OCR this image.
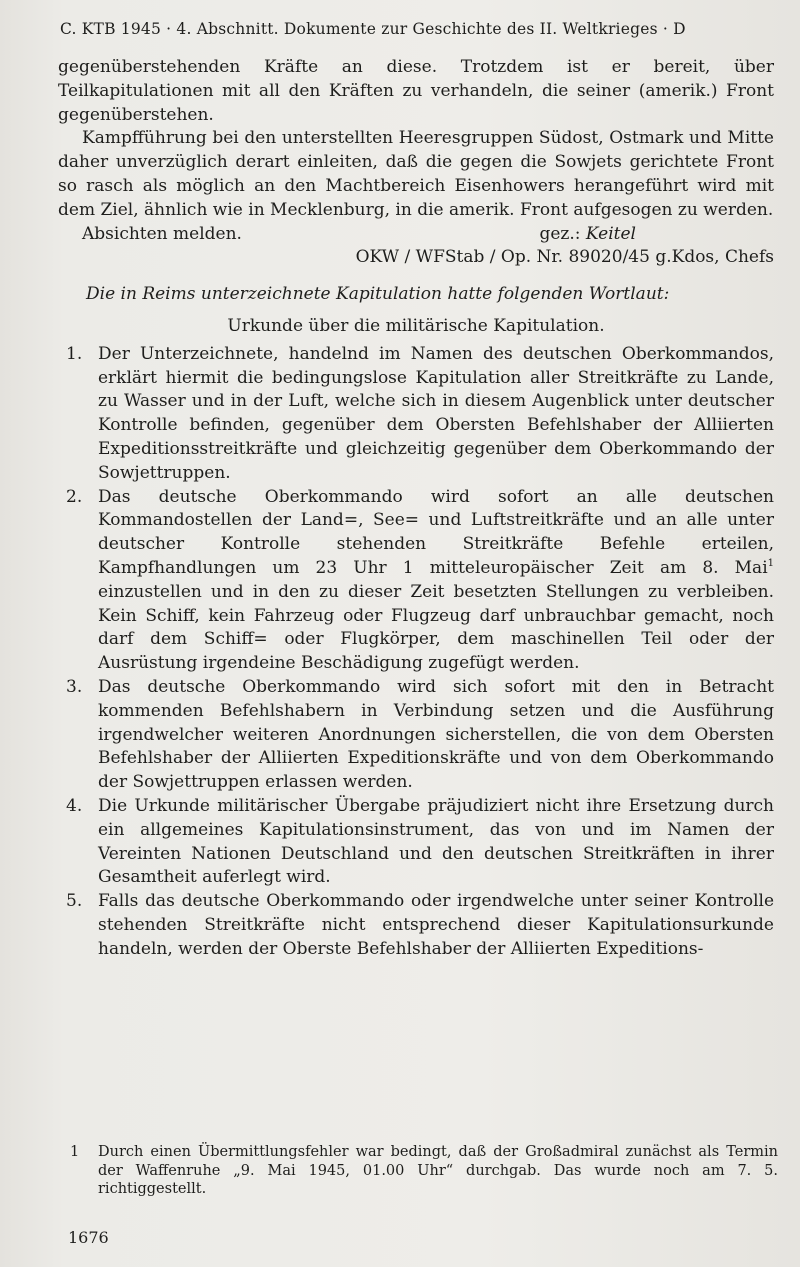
C. KTB 1945 · 4. Abschnitt. Dokumente zur Geschichte des II. Weltkrieges · D

gegenüberstehenden Kräfte an diese. Trotzdem ist er bereit, über Teilkapitulationen mit all den Kräften zu verhandeln, die seiner (amerik.) Front gegenüberstehen.

Kampfführung bei den unterstellten Heeresgruppen Südost, Ostmark und Mitte daher unverzüglich derart einleiten, daß die gegen die Sowjets gerichtete Front so rasch als möglich an den Machtbereich Eisenhowers herangeführt wird mit dem Ziel, ähnlich wie in Mecklenburg, in die amerik. Front aufgesogen zu werden.

Absichten melden.	gez.: Keitel
OKW / WFStab / Op. Nr. 89020/45 g.Kdos, Chefs

Die in Reims unterzeichnete Kapitulation hatte folgenden Wortlaut:

Urkunde über die militärische Kapitulation.
1. Der Unterzeichnete, handelnd im Namen des deutschen Oberkommandos, erklärt hiermit die bedingungslose Kapitulation aller Streitkräfte zu Lande, zu Wasser und in der Luft, welche sich in diesem Augenblick unter deutscher Kontrolle befinden, gegenüber dem Obersten Befehlshaber der Alliierten Expeditionsstreitkräfte und gleichzeitig gegenüber dem Oberkommando der Sowjettruppen.
2. Das deutsche Oberkommando wird sofort an alle deutschen Kommandostellen der Land=, See= und Luftstreitkräfte und an alle unter deutscher Kontrolle stehenden Streitkräfte Befehle erteilen, Kampfhandlungen um 23 Uhr 1 mitteleuropäischer Zeit am 8. Mai$^1$ einzustellen und in den zu dieser Zeit besetzten Stellungen zu verbleiben. Kein Schiff, kein Fahrzeug oder Flugzeug darf unbrauchbar gemacht, noch darf dem Schiff= oder Flugkörper, dem maschinellen Teil oder der Ausrüstung irgendeine Beschädigung zugefügt werden.
3. Das deutsche Oberkommando wird sich sofort mit den in Betracht kommenden Befehlshabern in Verbindung setzen und die Ausführung irgendwelcher weiteren Anordnungen sicherstellen, die von dem Obersten Befehlshaber der Alliierten Expeditionskräfte und von dem Oberkommando der Sowjettruppen erlassen werden.
4. Die Urkunde militärischer Übergabe präjudiziert nicht ihre Ersetzung durch ein allgemeines Kapitulationsinstrument, das von und im Namen der Vereinten Nationen Deutschland und den deutschen Streitkräften in ihrer Gesamtheit auferlegt wird.
5. Falls das deutsche Oberkommando oder irgendwelche unter seiner Kontrolle stehenden Streitkräfte nicht entsprechend dieser Kapitulationsurkunde handeln, werden der Oberste Befehlshaber der Alliierten Expeditions-
1	Durch einen Übermittlungsfehler war bedingt, daß der Großadmiral zunächst als Termin der Waffenruhe „9. Mai 1945, 01.00 Uhr“ durchgab. Das wurde noch am 7. 5. richtiggestellt.
1676
